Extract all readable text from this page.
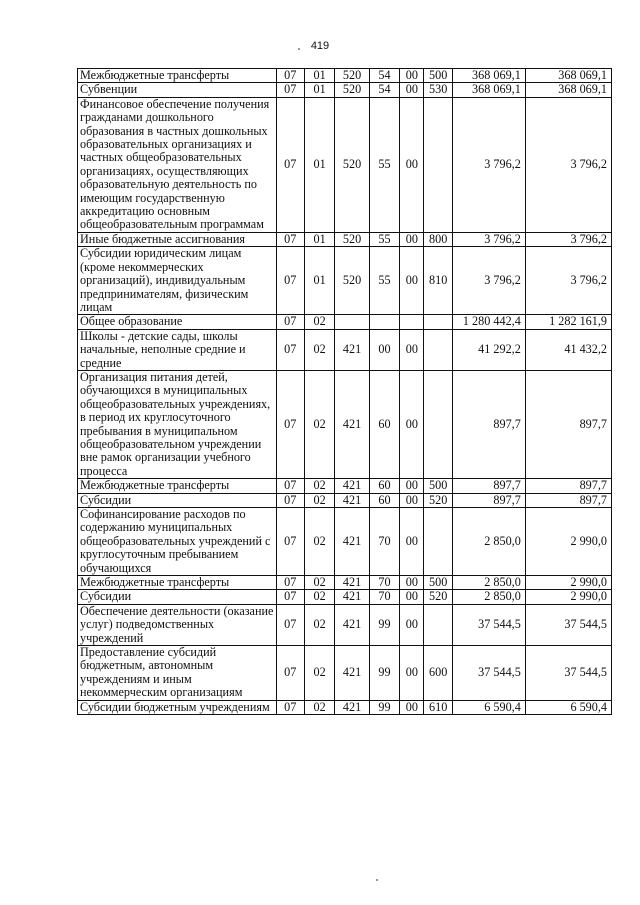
419
Межбюджетные трансферты	07	01	520	54	00	500	368 069,1	368 069,1
Субвенции	07	01	520	54	00	530	368 069,1	368 069,1
Финансовое обеспечение получения гражданами дошкольного образования в частных дошкольных образовательных организациях и частных общеобразовательных организациях, осуществляющих образовательную деятельность по имеющим государственную аккредитацию основным общеобразовательным программам	07	01	520	55	00		3 796,2	3 796,2
Иные бюджетные ассигнования	07	01	520	55	00	800	3 796,2	3 796,2
Субсидии юридическим лицам (кроме некоммерческих организаций), индивидуальным предпринимателям, физическим лицам	07	01	520	55	00	810	3 796,2	3 796,2
Общее образование	07	02					1 280 442,4	1 282 161,9
Школы - детские сады, школы начальные, неполные средние и средние	07	02	421	00	00		41 292,2	41 432,2
Организация питания детей, обучающихся в муниципальных общеобразовательных учреждениях, в период их круглосуточного пребывания в муниципальном общеобразовательном учреждении вне рамок организации учебного процесса	07	02	421	60	00		897,7	897,7
Межбюджетные трансферты	07	02	421	60	00	500	897,7	897,7
Субсидии	07	02	421	60	00	520	897,7	897,7
Софинансирование расходов по содержанию муниципальных общеобразовательных учреждений с круглосуточным пребыванием обучающихся	07	02	421	70	00		2 850,0	2 990,0
Межбюджетные трансферты	07	02	421	70	00	500	2 850,0	2 990,0
Субсидии	07	02	421	70	00	520	2 850,0	2 990,0
Обеспечение деятельности (оказание услуг) подведомственных учреждений	07	02	421	99	00		37 544,5	37 544,5
Предоставление субсидий бюджетным, автономным учреждениям и иным некоммерческим организациям	07	02	421	99	00	600	37 544,5	37 544,5
Субсидии бюджетным учреждениям	07	02	421	99	00	610	6 590,4	6 590,4
